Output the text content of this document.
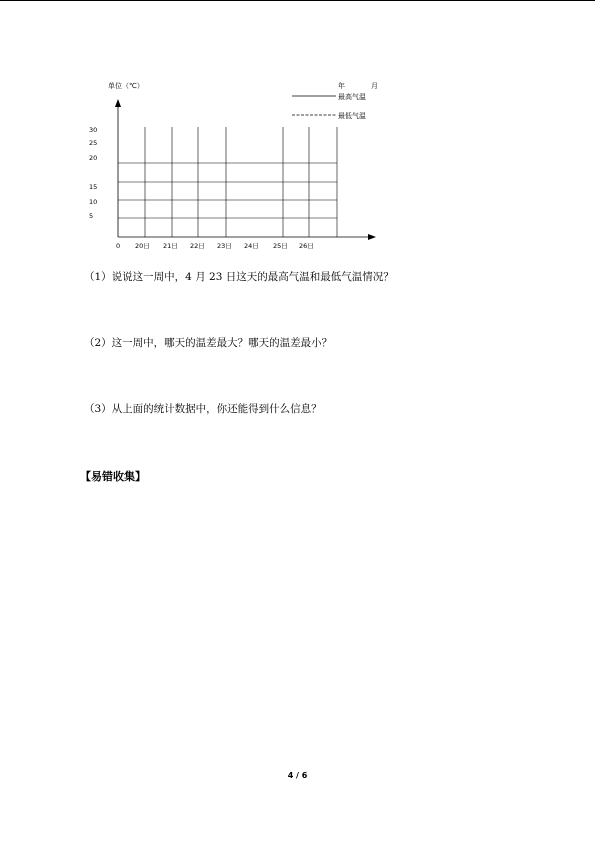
单位（℃）	年	月
最高气温
最低气温
30
25
20
15
10
5
0 20日 21日 22日 23日 24日 25日 26日
（1）说说这一周中，4 月 23 日这天的最高气温和最低气温情况？
（2）这一周中，哪天的温差最大？哪天的温差最小？
（3）从上面的统计数据中，你还能得到什么信息？
【易错收集】
4 / 6
